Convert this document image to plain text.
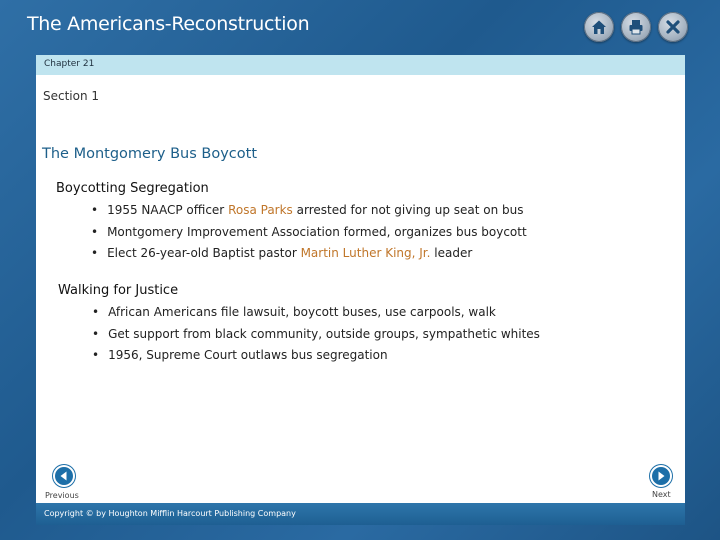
The Americans-Reconstruction
Chapter 21
Section 1
The Montgomery Bus Boycott
Boycotting Segregation
• 1955 NAACP officer Rosa Parks arrested for not giving up seat on bus
• Montgomery Improvement Association formed, organizes bus boycott
• Elect 26-year-old Baptist pastor Martin Luther King, Jr. leader
Walking for Justice
• African Americans file lawsuit, boycott buses, use carpools, walk
• Get support from black community, outside groups, sympathetic whites
• 1956, Supreme Court outlaws bus segregation
Previous	Next
Copyright © by Houghton Mifflin Harcourt Publishing Company
